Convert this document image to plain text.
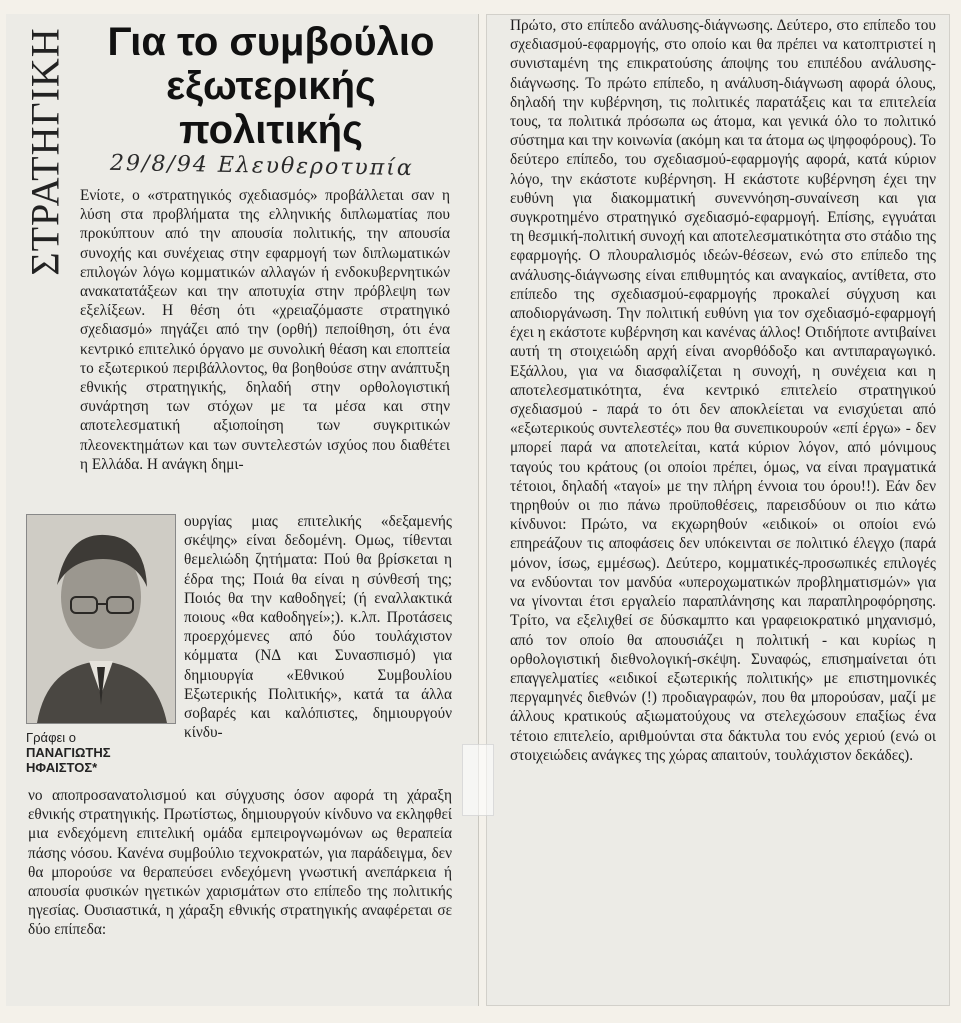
ΣΤΡΑΤΗΓΙΚΗ	Για το συμβούλιο εξωτερικής πολιτικής
29/8/94 Ελευθεροτυπία
Ενίοτε, ο «στρατηγικός σχεδιασμός» προβάλλεται σαν η λύση στα προβλήματα της ελληνικής διπλωματίας που προκύπτουν από την απουσία πολιτικής, την απουσία συνοχής και συνέχειας στην εφαρμογή των διπλωματικών επιλογών λόγω κομματικών αλλαγών ή ενδοκυβερνητικών ανακατατάξεων και την αποτυχία στην πρόβλεψη των εξελίξεων. Η θέση ότι «χρειαζόμαστε στρατηγικό σχεδιασμό» πηγάζει από την (ορθή) πεποίθηση, ότι ένα κεντρικό επιτελικό όργανο με συνολική θέαση και εποπτεία το εξωτερικού περιβάλλοντος, θα βοηθούσε στην ανάπτυξη εθνικής στρατηγικής, δηλαδή στην ορθολογιστική συνάρτηση των στόχων με τα μέσα και στην αποτελεσματική αξιοποίηση των συγκριτικών πλεονεκτημάτων και των συντελεστών ισχύος που διαθέτει η Ελλάδα. Η ανάγκη δημι-
Γράφει ο
ΠΑΝΑΓΙΩΤΗΣ ΗΦΑΙΣΤΟΣ*
ουργίας μιας επιτελικής «δεξαμενής σκέψης» είναι δεδομένη. Ομως, τίθενται θεμελιώδη ζητήματα: Πού θα βρίσκεται η έδρα της; Ποιά θα είναι η σύνθεσή της; Ποιός θα την καθοδηγεί; (ή εναλλακτικά ποιους «θα καθοδηγεί»;). κ.λπ. Προτάσεις προερχόμενες από δύο τουλάχιστον κόμματα (ΝΔ και Συνασπισμό) για δημιουργία «Εθνικού Συμβουλίου Εξωτερικής Πολιτικής», κατά τα άλλα σοβαρές και καλόπιστες, δημιουργούν κίνδυ-
νο αποπροσανατολισμού και σύγχυσης όσον αφορά τη χάραξη εθνικής στρατηγικής. Πρωτίστως, δημιουργούν κίνδυνο να εκληφθεί μια ενδεχόμενη επιτελική ομάδα εμπειρογνωμόνων ως θεραπεία πάσης νόσου. Κανένα συμβούλιο τεχνοκρατών, για παράδειγμα, δεν θα μπορούσε να θεραπεύσει ενδεχόμενη γνωστική ανεπάρκεια ή απουσία φυσικών ηγετικών χαρισμάτων στο επίπεδο της πολιτικής ηγεσίας. Ουσιαστικά, η χάραξη εθνικής στρατηγικής αναφέρεται σε δύο επίπεδα:
Πρώτο, στο επίπεδο ανάλυσης-διάγνωσης. Δεύτερο, στο επίπεδο του σχεδιασμού-εφαρμογής, στο οποίο και θα πρέπει να κατοπτριστεί η συνισταμένη της επικρατούσης άποψης του επιπέδου ανάλυσης-διάγνωσης. Το πρώτο επίπεδο, η ανάλυση-διάγνωση αφορά όλους, δηλαδή την κυβέρνηση, τις πολιτικές παρατάξεις και τα επιτελεία τους, τα πολιτικά πρόσωπα ως άτομα, και γενικά όλο το πολιτικό σύστημα και την κοινωνία (ακόμη και τα άτομα ως ψηφοφόρους). Το δεύτερο επίπεδο, του σχεδιασμού-εφαρμογής αφορά, κατά κύριον λόγο, την εκάστοτε κυβέρνηση. Η εκάστοτε κυβέρνηση έχει την ευθύνη για διακομματική συνεννόηση-συναίνεση και για συγκροτημένο στρατηγικό σχεδιασμό-εφαρμογή. Επίσης, εγγυάται τη θεσμική-πολιτική συνοχή και αποτελεσματικότητα στο στάδιο της εφαρμογής. Ο πλουραλισμός ιδεών-θέσεων, ενώ στο επίπεδο της ανάλυσης-διάγνωσης είναι επιθυμητός και αναγκαίος, αντίθετα, στο επίπεδο της σχεδιασμού-εφαρμογής προκαλεί σύγχυση και αποδιοργάνωση. Την πολιτική ευθύνη για τον σχεδιασμό-εφαρμογή έχει η εκάστοτε κυβέρνηση και κανένας άλλος! Οτιδήποτε αντιβαίνει αυτή τη στοιχειώδη αρχή είναι ανορθόδοξο και αντιπαραγωγικό. Εξάλλου, για να διασφαλίζεται η συνοχή, η συνέχεια και η αποτελεσματικότητα, ένα κεντρικό επιτελείο στρατηγικού σχεδιασμού - παρά το ότι δεν αποκλείεται να ενισχύεται από «εξωτερικούς συντελεστές» που θα συνεπικουρούν «επί έργω» - δεν μπορεί παρά να αποτελείται, κατά κύριον λόγον, από μόνιμους ταγούς του κράτους (οι οποίοι πρέπει, όμως, να είναι πραγματικά τέτοιοι, δηλαδή «ταγοί» με την πλήρη έννοια του όρου!!). Εάν δεν τηρηθούν οι πιο πάνω προϋποθέσεις, παρεισδύουν οι πιο κάτω κίνδυνοι: Πρώτο, να εκχωρηθούν «ειδικοί» οι οποίοι ενώ επηρεάζουν τις αποφάσεις δεν υπόκεινται σε πολιτικό έλεγχο (παρά μόνον, ίσως, εμμέσως). Δεύτερο, κομματικές-προσωπικές επιλογές να ενδύονται τον μανδύα «υπεροχωματικών προβληματισμών» για να γίνονται έτσι εργαλείο παραπλάνησης και παραπληροφόρησης. Τρίτο, να εξελιχθεί σε δύσκαμπτο και γραφειοκρατικό μηχανισμό, από τον οποίο θα απουσιάζει η πολιτική - και κυρίως η ορθολογιστική διεθνολογική-σκέψη. Συναφώς, επισημαίνεται ότι επαγγελματίες «ειδικοί εξωτερικής πολιτικής» με επιστημονικές περγαμηνές διεθνών (!) προδιαγραφών, που θα μπορούσαν, μαζί με άλλους κρατικούς αξιωματούχους να στελεχώσουν επαξίως ένα τέτοιο επιτελείο, αριθμούνται στα δάκτυλα του ενός χεριού (ενώ οι στοιχειώδεις ανάγκες της χώρας απαιτούν, τουλάχιστον δεκάδες).
